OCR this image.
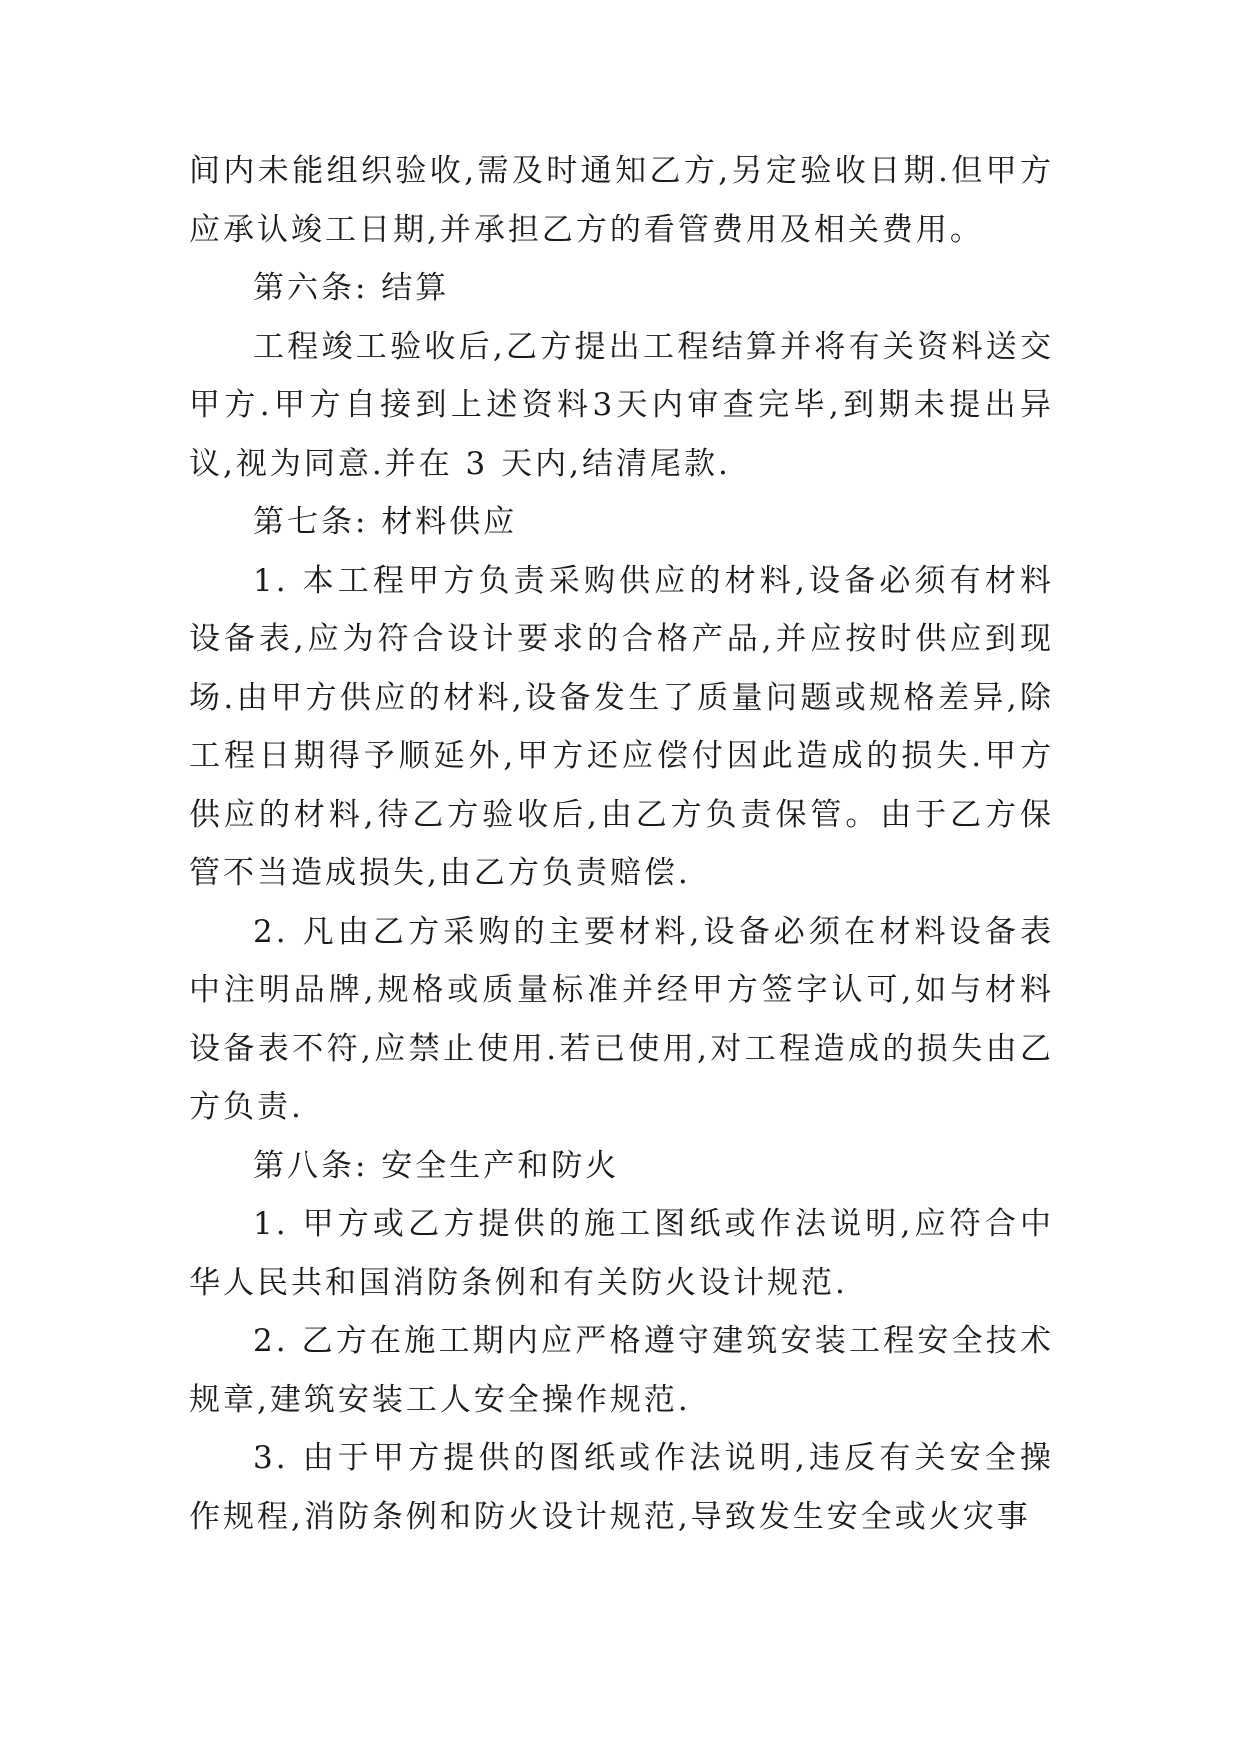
间内未能组织验收,需及时通知乙方,另定验收日期.但甲方应承认竣工日期,并承担乙方的看管费用及相关费用。

第六条: 结算

工程竣工验收后,乙方提出工程结算并将有关资料送交甲方.甲方自接到上述资料3天内审查完毕,到期未提出异议,视为同意.并在 3 天内,结清尾款.

第七条: 材料供应

1. 本工程甲方负责采购供应的材料,设备必须有材料设备表,应为符合设计要求的合格产品,并应按时供应到现场.由甲方供应的材料,设备发生了质量问题或规格差异,除工程日期得予顺延外,甲方还应偿付因此造成的损失.甲方供应的材料,待乙方验收后,由乙方负责保管。由于乙方保管不当造成损失,由乙方负责赔偿.

2. 凡由乙方采购的主要材料,设备必须在材料设备表中注明品牌,规格或质量标准并经甲方签字认可,如与材料设备表不符,应禁止使用.若已使用,对工程造成的损失由乙方负责.

第八条: 安全生产和防火

1. 甲方或乙方提供的施工图纸或作法说明,应符合中华人民共和国消防条例和有关防火设计规范.

2. 乙方在施工期内应严格遵守建筑安装工程安全技术规章,建筑安装工人安全操作规范.

3. 由于甲方提供的图纸或作法说明,违反有关安全操作规程,消防条例和防火设计规范,导致发生安全或火灾事
